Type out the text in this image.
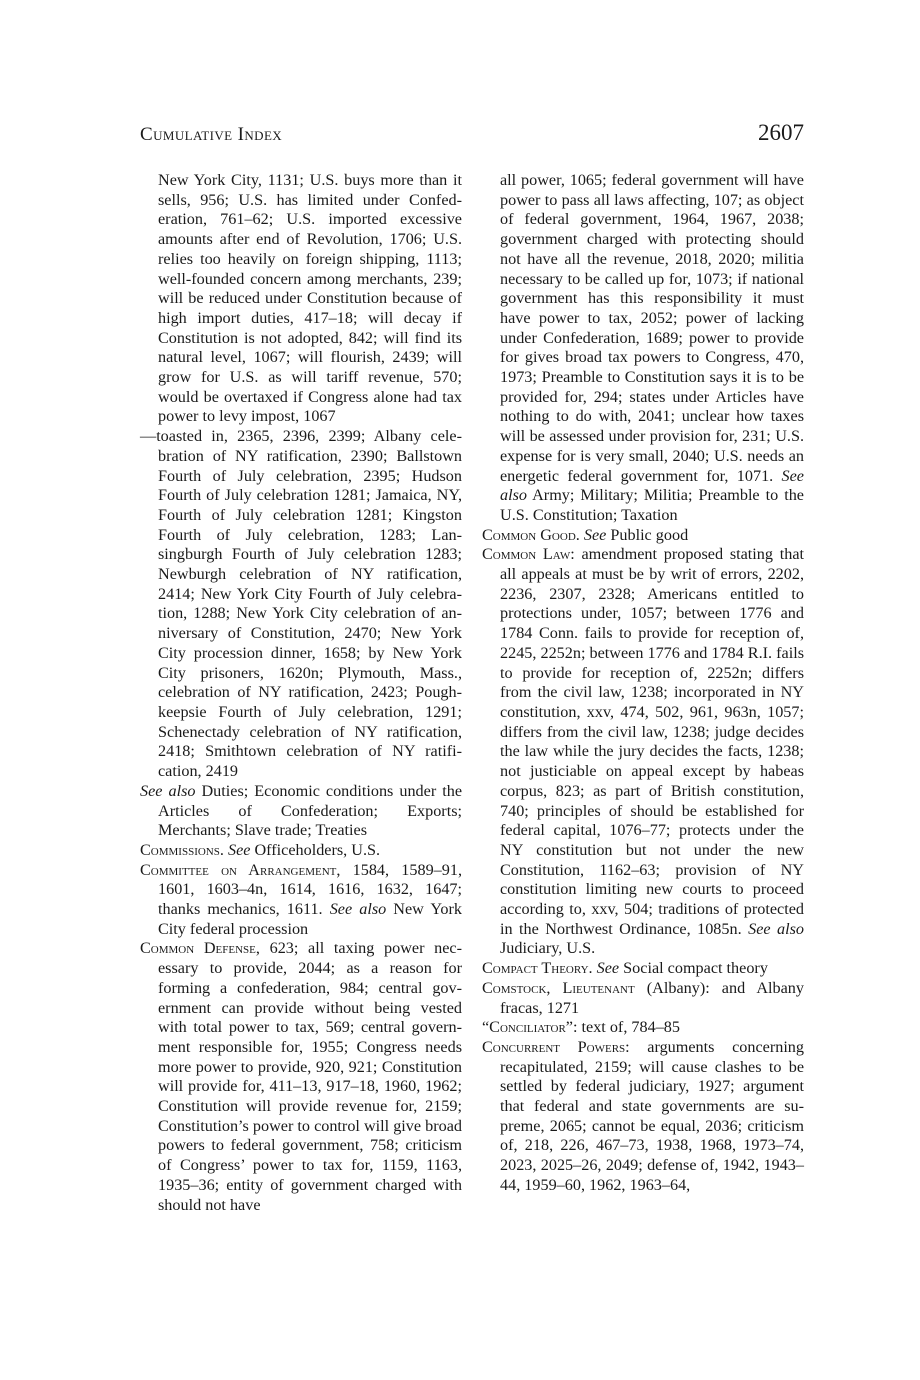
Cumulative Index	2607

New York City, 1131; U.S. buys more than it sells, 956; U.S. has limited under Confederation, 761–62; U.S. imported excessive amounts after end of Revolution, 1706; U.S. relies too heavily on foreign shipping, 1113; well-founded concern among merchants, 239; will be reduced under Constitution because of high import duties, 417–18; will decay if Constitution is not adopted, 842; will find its natural level, 1067; will flourish, 2439; will grow for U.S. as will tariff revenue, 570; would be overtaxed if Congress alone had tax power to levy impost, 1067

—toasted in, 2365, 2396, 2399; Albany celebration of NY ratification, 2390; Ballstown Fourth of July celebration, 2395; Hudson Fourth of July celebration 1281; Jamaica, NY, Fourth of July celebration 1281; Kingston Fourth of July celebration, 1283; Lansingburgh Fourth of July celebration 1283; Newburgh celebration of NY ratification, 2414; New York City Fourth of July celebration, 1288; New York City celebration of anniversary of Constitution, 2470; New York City procession dinner, 1658; by New York City prisoners, 1620n; Plymouth, Mass., celebration of NY ratification, 2423; Poughkeepsie Fourth of July celebration, 1291; Schenectady celebration of NY ratification, 2418; Smithtown celebration of NY ratification, 2419

See also Duties; Economic conditions under the Articles of Confederation; Exports; Merchants; Slave trade; Treaties

Commissions. See Officeholders, U.S.

Committee on Arrangement, 1584, 1589–91, 1601, 1603–4n, 1614, 1616, 1632, 1647; thanks mechanics, 1611. See also New York City federal procession

Common Defense, 623; all taxing power necessary to provide, 2044; as a reason for forming a confederation, 984; central government can provide without being vested with total power to tax, 569; central government responsible for, 1955; Congress needs more power to provide, 920, 921; Constitution will provide for, 411–13, 917–18, 1960, 1962; Constitution will provide revenue for, 2159; Constitution’s power to control will give broad powers to federal government, 758; criticism of Congress’ power to tax for, 1159, 1163, 1935–36; entity of government charged with should not have

all power, 1065; federal government will have power to pass all laws affecting, 107; as object of federal government, 1964, 1967, 2038; government charged with protecting should not have all the revenue, 2018, 2020; militia necessary to be called up for, 1073; if national government has this responsibility it must have power to tax, 2052; power of lacking under Confederation, 1689; power to provide for gives broad tax powers to Congress, 470, 1973; Preamble to Constitution says it is to be provided for, 294; states under Articles have nothing to do with, 2041; unclear how taxes will be assessed under provision for, 231; U.S. expense for is very small, 2040; U.S. needs an energetic federal government for, 1071. See also Army; Military; Militia; Preamble to the U.S. Constitution; Taxation

Common Good. See Public good

Common Law: amendment proposed stating that all appeals at must be by writ of errors, 2202, 2236, 2307, 2328; Americans entitled to protections under, 1057; between 1776 and 1784 Conn. fails to provide for reception of, 2245, 2252n; between 1776 and 1784 R.I. fails to provide for reception of, 2252n; differs from the civil law, 1238; incorporated in NY constitution, xxv, 474, 502, 961, 963n, 1057; differs from the civil law, 1238; judge decides the law while the jury decides the facts, 1238; not justiciable on appeal except by habeas corpus, 823; as part of British constitution, 740; principles of should be established for federal capital, 1076–77; protects under the NY constitution but not under the new Constitution, 1162–63; provision of NY constitution limiting new courts to proceed according to, xxv, 504; traditions of protected in the Northwest Ordinance, 1085n. See also Judiciary, U.S.

Compact Theory. See Social compact theory

Comstock, Lieutenant (Albany): and Albany fracas, 1271

“Conciliator”: text of, 784–85

Concurrent Powers: arguments concerning recapitulated, 2159; will cause clashes to be settled by federal judiciary, 1927; argument that federal and state governments are supreme, 2065; cannot be equal, 2036; criticism of, 218, 226, 467–73, 1938, 1968, 1973–74, 2023, 2025–26, 2049; defense of, 1942, 1943–44, 1959–60, 1962, 1963–64,
